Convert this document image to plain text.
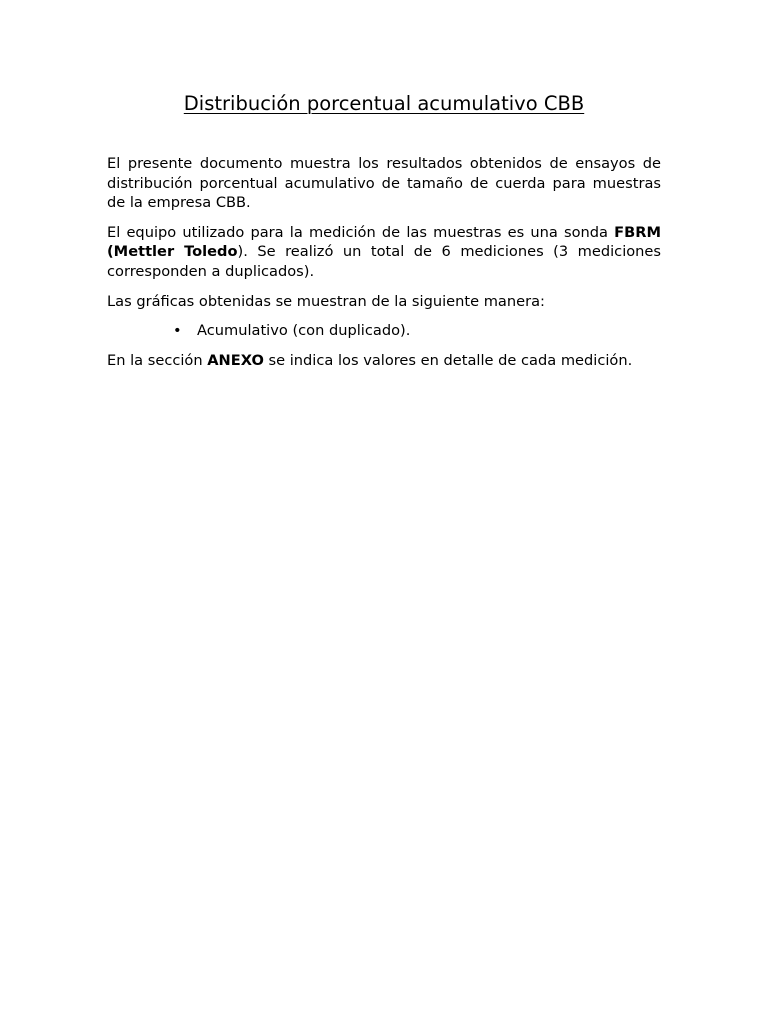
Distribución porcentual acumulativo CBB

El presente documento muestra los resultados obtenidos de ensayos de distribución porcentual acumulativo de tamaño de cuerda para muestras de la empresa CBB.

El equipo utilizado para la medición de las muestras es una sonda FBRM (Mettler Toledo). Se realizó un total de 6 mediciones (3 mediciones corresponden a duplicados).

Las gráficas obtenidas se muestran de la siguiente manera:

• Acumulativo (con duplicado).

En la sección ANEXO se indica los valores en detalle de cada medición.
